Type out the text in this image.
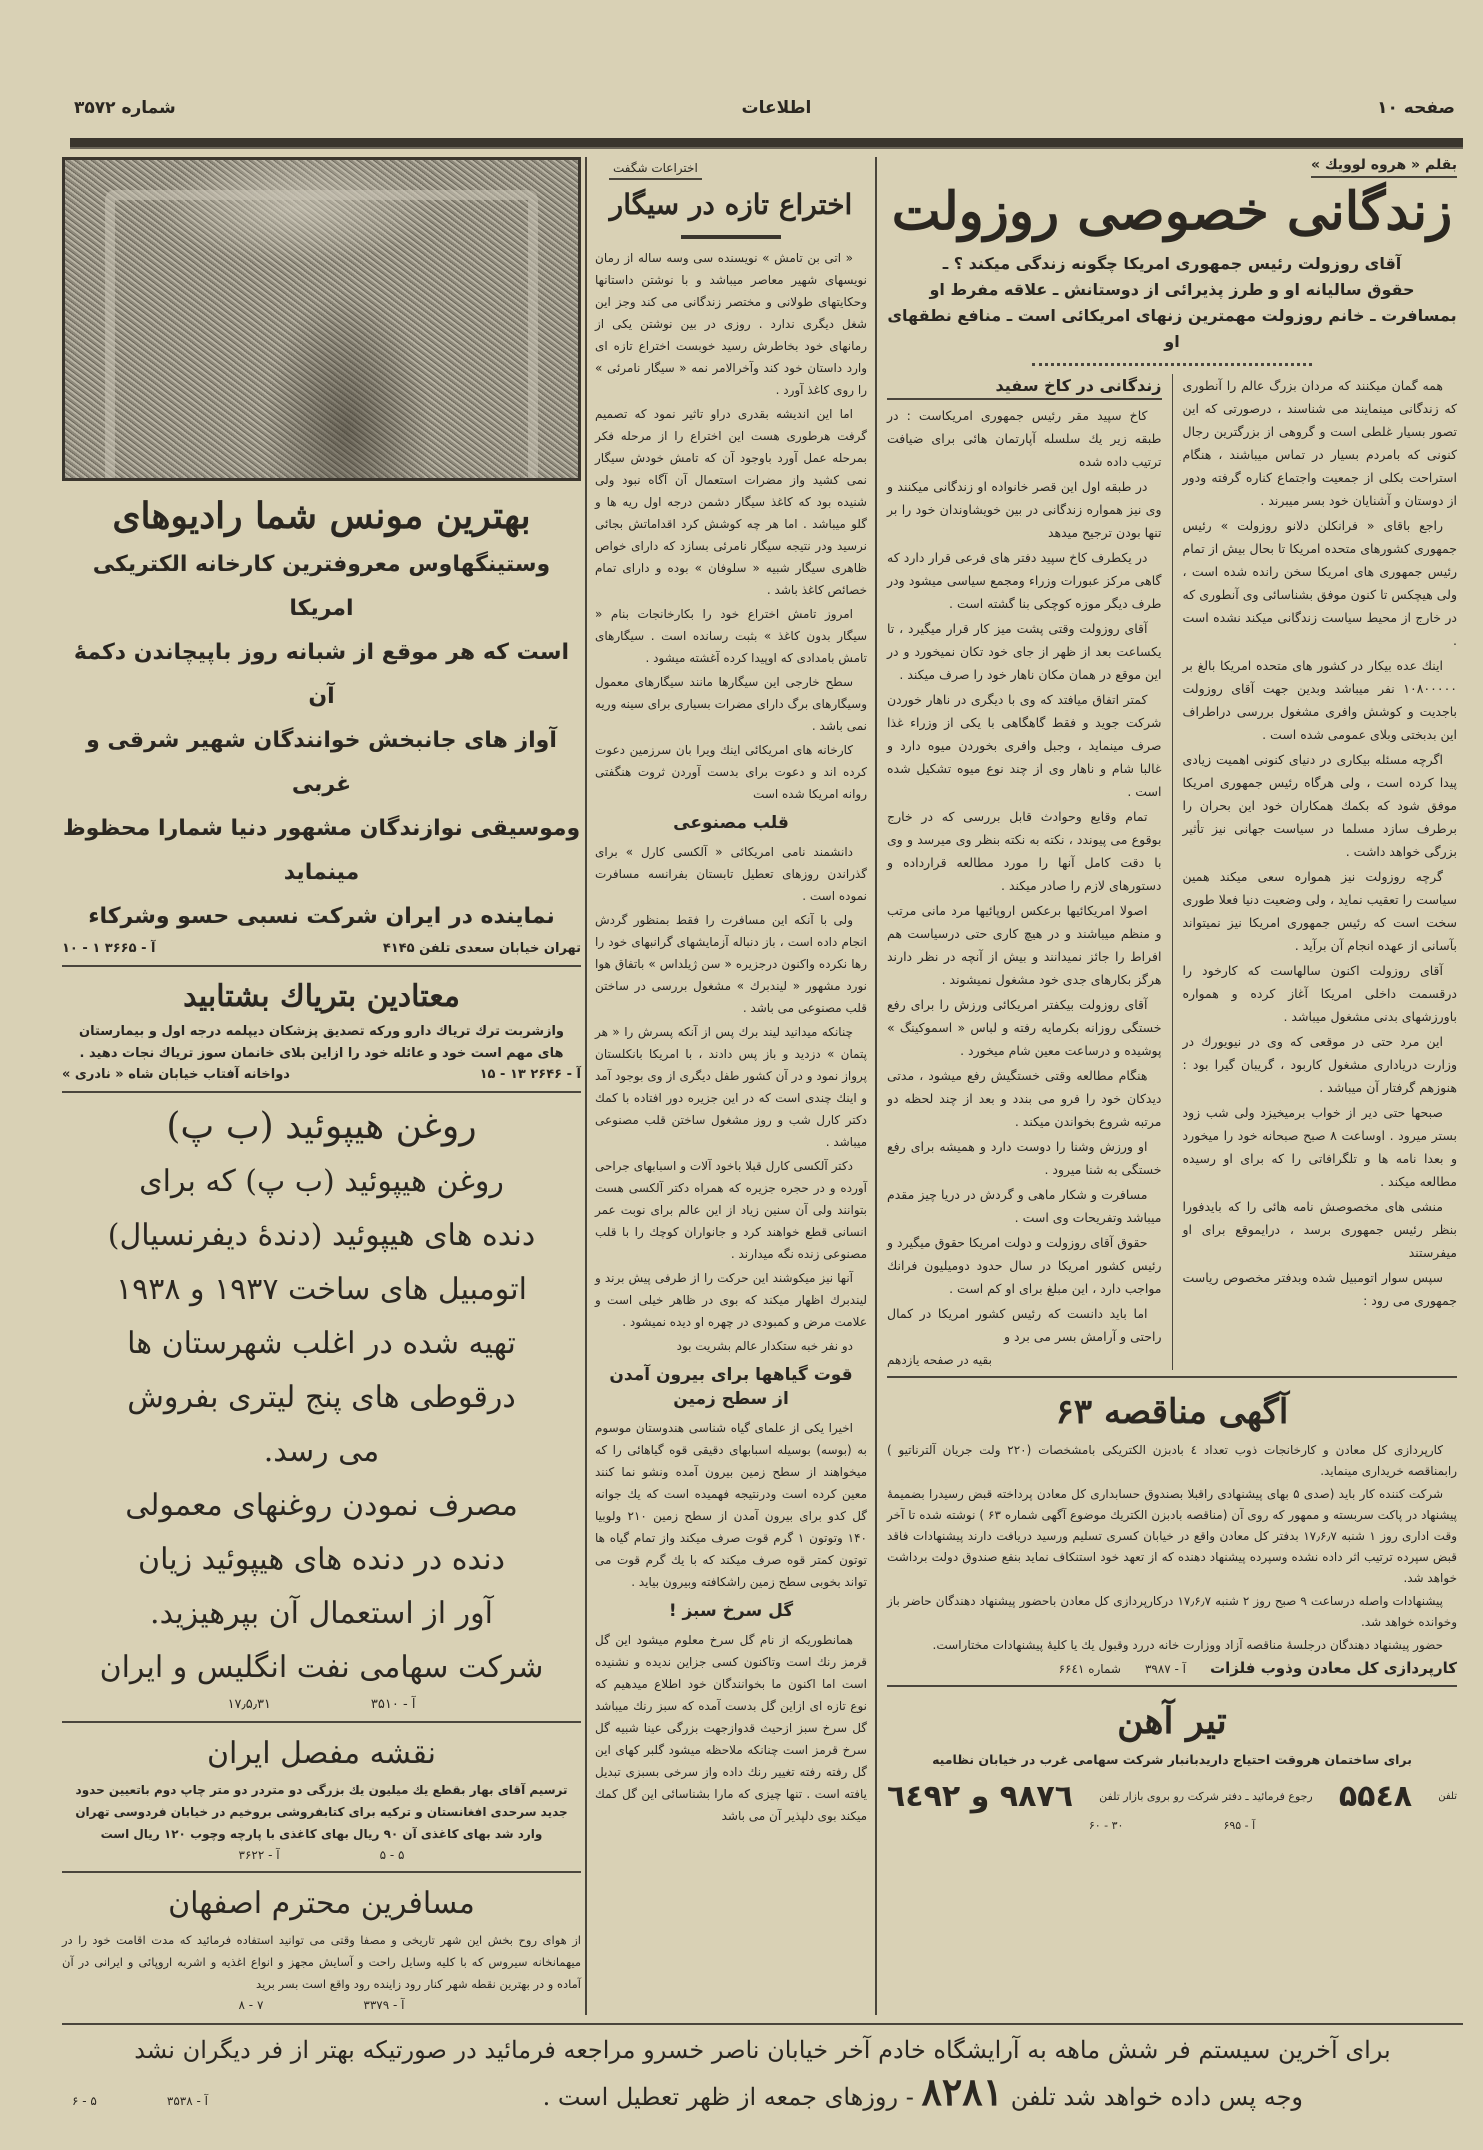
صفحه ۱۰
اطلاعات
شماره ۳۵۷۲
بقلم « هروه لوویك »
زندگانی خصوصی روزولت
آقای روزولت رئیس جمهوری امریکا چگونه زندگی میکند ؟ ـ
حقوق سالیانه او و طرز پذیرائی از دوستانش ـ علاقه مفرط او
بمسافرت ـ خانم روزولت مهمترین زنهای امریکائی است ـ منافع نطقهای او

همه گمان میکنند که مردان بزرگ عالم را آنطوری که زندگانی مینمایند می شناسند ، درصورتی که این تصور بسیار غلطی است و گروهی از بزرگترین رجال کنونی که بامردم بسیار در تماس میباشند ، هنگام استراحت بکلی از جمعیت واجتماع کناره گرفته ودور از دوستان و آشنایان خود بسر میبرند .

راجع باقای « فرانکلن دلانو روزولت » رئیس جمهوری کشورهای متحده امریکا تا بحال بیش از تمام رئیس جمهوری های امریکا سخن رانده شده است ، ولی هیچکس تا کنون موفق بشناسائی وی آنطوری که در خارج از محیط سیاست زندگانی میکند نشده است .

اینك عده بیکار در کشور های متحده امریکا بالغ بر ۱۰۸۰۰۰۰۰ نفر میباشد وبدین جهت آقای روزولت باجدیت و کوشش وافری مشغول بررسی دراطراف این بدبختی وبلای عمومی شده است .

اگرچه مسئله بیکاری در دنیای کنونی اهمیت زیادی پیدا کرده است ، ولی هرگاه رئیس جمهوری امریکا موفق شود که بکمك همکاران خود این بحران را برطرف سازد مسلما در سیاست جهانی نیز تأثیر بزرگی خواهد داشت .

گرچه روزولت نیز همواره سعی میکند همین سیاست را تعقیب نماید ، ولی وضعیت دنیا فعلا طوری سخت است که رئیس جمهوری امریکا نیز نمیتواند بآسانی از عهده انجام آن برآید .

آقای روزولت اکنون سالهاست که کارخود را درقسمت داخلی امریکا آغاز کرده و همواره باورزشهای بدنی مشغول میباشد .

این مرد حتی در موقعی که وی در نیویورك در وزارت دریاداری مشغول کاربود ، گریبان گیرا بود : هنوزهم گرفتار آن میباشد .

صبحها حتی دیر از خواب برمیخیزد ولی شب زود بستر میرود . اوساعت ۸ صبح صبحانه خود را میخورد و بعدا نامه ها و تلگرافاتی را که برای او رسیده مطالعه میکند .

منشی های مخصوصش نامه هائی را که بایدفورا بنظر رئیس جمهوری برسد ، درایموقع برای او میفرستند

سپس سوار اتومبیل شده وبدفتر مخصوص ریاست جمهوری می رود :

زندگانی در کاخ سفید

کاخ سپید مقر رئیس جمهوری امریکاست : در طبقه زیر یك سلسله آپارتمان هائی برای ضیافت ترتیب داده شده

در طبقه اول این قصر خانواده او زندگانی میکنند و وی نیز همواره زندگانی در بین خویشاوندان خود را بر تنها بودن ترجیح میدهد

در یکطرف کاخ سپید دفتر های فرعی قرار دارد که گاهی مرکز عبورات وزراء ومجمع سیاسی میشود ودر طرف دیگر موزه کوچکی بنا گشته است .

آقای روزولت وقتی پشت میز کار قرار میگیرد ، تا یکساعت بعد از ظهر از جای خود تکان نمیخورد و در این موقع در همان مکان ناهار خود را صرف میکند .

کمتر اتفاق میافتد که وی با دیگری در ناهار خوردن شرکت جوید و فقط گاهگاهی با یکی از وزراء غذا صرف مینماید ، وجبل وافری بخوردن میوه دارد و غالبا شام و ناهار وی از چند نوع میوه تشکیل شده است .

تمام وقایع وحوادث قابل بررسی که در خارج بوقوع می پیوندد ، نکته به نکته بنظر وی میرسد و وی با دقت کامل آنها را مورد مطالعه قرارداده و دستورهای لازم را صادر میکند .

اصولا امریکائیها برعکس اروپائیها مرد مانی مرتب و منظم میباشند و در هیچ کاری حتی درسیاست هم افراط را جائز نمیدانند و بیش از آنچه در نظر دارند هرگز بکارهای جدی خود مشغول نمیشوند .

آقای روزولت بیکفتر امریکائی ورزش را برای رفع خستگی روزانه بکرمایه رفته و لباس « اسموکینگ » پوشیده و درساعت معین شام میخورد .

هنگام مطالعه وقتی خستگیش رفع میشود ، مدتی دیدکان خود را فرو می بندد و بعد از چند لحظه دو مرتبه شروع بخواندن میکند .

او ورزش وشنا را دوست دارد و همیشه برای رفع خستگی به شنا میرود .

مسافرت و شکار ماهی و گردش در دریا چیز مقدم میباشد وتفریحات وی است .

حقوق آقای روزولت و دولت امریکا حقوق میگیرد و رئیس کشور امریکا در سال حدود دومیلیون فرانك مواجب دارد ، این مبلغ برای او کم است .

اما باید دانست که رئیس کشور امریکا در کمال راحتی و آرامش بسر می برد و

بقیه در صفحه یازدهم
آگهی مناقصه ۶۳

کارپردازی کل معادن و کارخانجات ذوب تعداد ٤ بادبزن الکتریکی بامشخصات (۲۲۰ ولت جریان آلترناتیو ) رابمناقصه خریداری مینماید.

شرکت کننده کار باید (صدی ۵ بهای پیشنهادی راقبلا بصندوق حسابداری کل معادن پرداخته قبض رسیدرا بضمیمهٔ پیشنهاد در پاکت سربسته و ممهور که روی آن (مناقصه بادبزن الکتریك موضوع آگهی شماره ۶۳ ) نوشته شده تا آخر وقت اداری روز ۱ شنبه ۱۷٫۶٫۷ بدفتر کل معادن واقع در خیابان کسری تسلیم ورسید دریافت دارند پیشنهادات فاقد قبض سپرده ترتیب اثر داده نشده وسپرده پیشنهاد دهنده که از تعهد خود استنکاف نماید بنفع صندوق دولت برداشت خواهد شد.

پیشنهادات واصله درساعت ۹ صبح روز ۲ شنبه ۱۷٫۶٫۷ درکارپردازی کل معادن باحضور پیشنهاد دهندگان حاضر باز وخوانده خواهد شد.

حضور پیشنهاد دهندگان درجلسهٔ مناقصه آزاد ووزارت خانه دررد وقبول یك یا کلیهٔ پیشنهادات مختاراست.

کارپردازی کل معادن وذوب فلزات
آ - ۳۹۸۷
شماره ۶۶٤۱
تیر آهن
برای ساختمان هروقت احتیاج داریدبانبار شرکت سهامی غرب در خیابان نظامیه
تلفن
۵۵٤۸
رجوع فرمائید ـ دفتر شرکت رو بروی بازار تلفن
۹۸۷٦ و ٦٤۹۲
آ - ۶۹۵
۳۰ - ۶۰
اختراعات شگفت
اختراع تازه در سیگار

« اتی بن تامش » نویسنده سی وسه ساله از رمان نویسهای شهیر معاصر میباشد و با نوشتن داستانها وحکایتهای طولانی و مختصر زندگانی می کند وجز این شغل دیگری ندارد . روزی در بین نوشتن یکی از رمانهای خود بخاطرش رسید خوبست اختراع تازه ای وارد داستان خود کند وآخرالامر نمه « سیگار نامرئی » را روی کاغذ آورد .

اما این اندیشه بقدری دراو تاثیر نمود که تصمیم گرفت هرطوری هست این اختراع را از مرحله فکر بمرحله عمل آورد باوجود آن که تامش خودش سیگار نمی کشید واز مضرات استعمال آن آگاه نبود ولی شنیده بود که کاغذ سیگار دشمن درجه اول ریه ها و گلو میباشد . اما هر چه کوشش کرد اقداماتش بجائی نرسید ودر نتیجه سیگار نامرئی بسازد که دارای خواص ظاهری سیگار شبیه « سلوفان » بوده و دارای تمام خصائص کاغذ باشد .

امروز تامش اختراع خود را بکارخانجات بنام « سیگار بدون کاغذ » بثبت رسانده است . سیگارهای تامش بامدادی که اوپیدا کرده آغشته میشود .

سطح خارجی این سیگارها مانند سیگارهای معمول وسیگارهای برگ دارای مضرات بسیاری برای سینه وریه نمی باشد .

کارخانه های امریکائی اینك ویرا بان سرزمین دعوت کرده اند و دعوت برای بدست آوردن ثروت هنگفتی روانه امریکا شده است

قلب مصنوعی

دانشمند نامی امریکائی « آلکسی کارل » برای گذراندن روزهای تعطیل تابستان بفرانسه مسافرت نموده است .

ولی با آنکه این مسافرت را فقط بمنظور گردش انجام داده است ، باز دنباله آزمایشهای گرانبهای خود را رها نکرده واکنون درجزیره « سن ژیلداس » باتفاق هوا نورد مشهور « لیندبرك » مشغول بررسی در ساختن قلب مصنوعی می باشد .

چنانکه میدانید لیند برك پس از آنکه پسرش را « هر پتمان » دزدید و باز پس دادند ، با امریکا بانکلستان پرواز نمود و در آن کشور طفل دیگری از وی بوجود آمد و اینك چندی است که در این جزیره دور افتاده با کمك دکتر کارل شب و روز مشغول ساختن قلب مصنوعی میباشد .

دکتر آلکسی کارل قبلا باخود آلات و اسبابهای جراحی آورده و در حجره جزیره که همراه دکتر آلکسی هست بتوانند ولی آن سنین زیاد از این عالم برای نوبت عمر انسانی قطع خواهند کرد و جانواران کوچك را با قلب مصنوعی زنده نگه میدارند .

آنها نیز میکوشند این حرکت را از طرفی پیش برند و لیندبرك اظهار میکند که بوی در ظاهر خیلی است و علامت مرض و کمبودی در چهره او دیده نمیشود .

دو نفر خبه ستکدار عالم بشریت بود

قوت گیاهها برای بیرون آمدن
از سطح زمین

اخیرا یکی از علمای گیاه شناسی هندوستان موسوم به (بوسه) بوسیله اسبابهای دقیقی قوه گیاهائی را که میخواهند از سطح زمین بیرون آمده ونشو نما کنند معین کرده است ودرنتیجه فهمیده است که یك جوانه گل کدو برای بیرون آمدن از سطح زمین ۲۱۰ ولوبیا ۱۴۰ وتوتون ۱ گرم قوت صرف میکند واز تمام گیاه ها توتون کمتر قوه صرف میکند که با یك گرم قوت می تواند بخوبی سطح زمین راشکافته وبیرون بیاید .

گل سرخ سبز !

همانطوریکه از نام گل سرخ معلوم میشود این گل قرمز رنك است وتاکنون کسی جزاین ندیده و نشنیده است اما اکنون ما بخوانندگان خود اطلاع میدهیم که نوع تازه ای ازاین گل بدست آمده که سبز رنك میباشد گل سرخ سبز ازحیث قدوازجهت بزرگی عینا شبیه گل سرخ قرمز است چنانکه ملاحظه میشود گلبر کهای این گل رفته رفته تغییر رنك داده واز سرخی بسبزی تبدیل یافته است . تنها چیزی که مارا بشناسائی این گل کمك میکند بوی دلپذیر آن می باشد

بهترین مونس شما رادیوهای
وستینگهاوس معروفترین کارخانه الکتریکی امریکا
است که هر موقع از شبانه روز باپیچاندن دکمهٔ آن
آواز های جانبخش خوانندگان شهیر شرقی و غربی
وموسیقی نوازندگان مشهور دنیا شمارا محظوظ مینماید
نماینده در ایران شرکت نسبی حسو وشرکاء
تهران خیابان سعدی تلفن ۴۱۴۵
آ - ۳۶۶۵ ۱ - ۱۰
معتادین بتریاك بشتابید
وازشربت ترك تریاك دارو ورکه تصدیق پزشکان دیپلمه درجه اول و بیمارستان
های مهم است خود و عائله خود را ازاین بلای خانمان سوز تریاك نجات دهید .
آ - ۲۶۴۶ ۱۳ - ۱۵
دواخانه آفتاب خیابان شاه « نادری »
روغن هیپوئید (ب پ)
روغن هیپوئید (ب پ) که برای
دنده های هیپوئید (دندهٔ دیفرنسیال)
اتومبیل های ساخت ۱۹۳۷ و ۱۹۳۸
تهیه شده در اغلب شهرستان ها
درقوطی های پنج لیتری بفروش
می رسد.
مصرف نمودن روغنهای معمولی
دنده در دنده های هیپوئید زیان
آور از استعمال آن بپرهیزید.
شرکت سهامی نفت انگلیس و ایران
آ - ۳۵۱۰
۱۷٫۵٫۳۱
نقشه مفصل ایران
ترسیم آقای بهار بقطع یك میلیون یك بزرگی دو متردر دو متر چاپ دوم باتعیین حدود جدید سرحدی افغانستان و ترکیه برای کتابفروشی بروخیم در خیابان فردوسی تهران وارد شد بهای کاغذی آن ۹۰ ریال بهای کاغذی با پارچه وچوب ۱۲۰ ریال است
۵ - ۵
آ - ۳۶۲۲
مسافرین محترم اصفهان
از هوای روح بخش این شهر تاریخی و مصفا وقتی می توانید استفاده فرمائید که مدت اقامت خود را در میهمانخانه سیروس که با کلیه وسایل راحت و آسایش مجهز و انواع اغذیه و اشربه اروپائی و ایرانی در آن آماده و در بهترین نقطه شهر کنار رود زاینده رود واقع است بسر برید
آ - ۳۳۷۹
۷ - ۸
برای آخرین سیستم فر شش ماهه به آرایشگاه خادم آخر خیابان ناصر خسرو مراجعه فرمائید در صورتیکه بهتر از فر دیگران نشد
وجه پس داده خواهد شد تلفن ۸۲۸۱ - روزهای جمعه از ظهر تعطیل است .
آ - ۳۵۳۸
۵ - ۶
